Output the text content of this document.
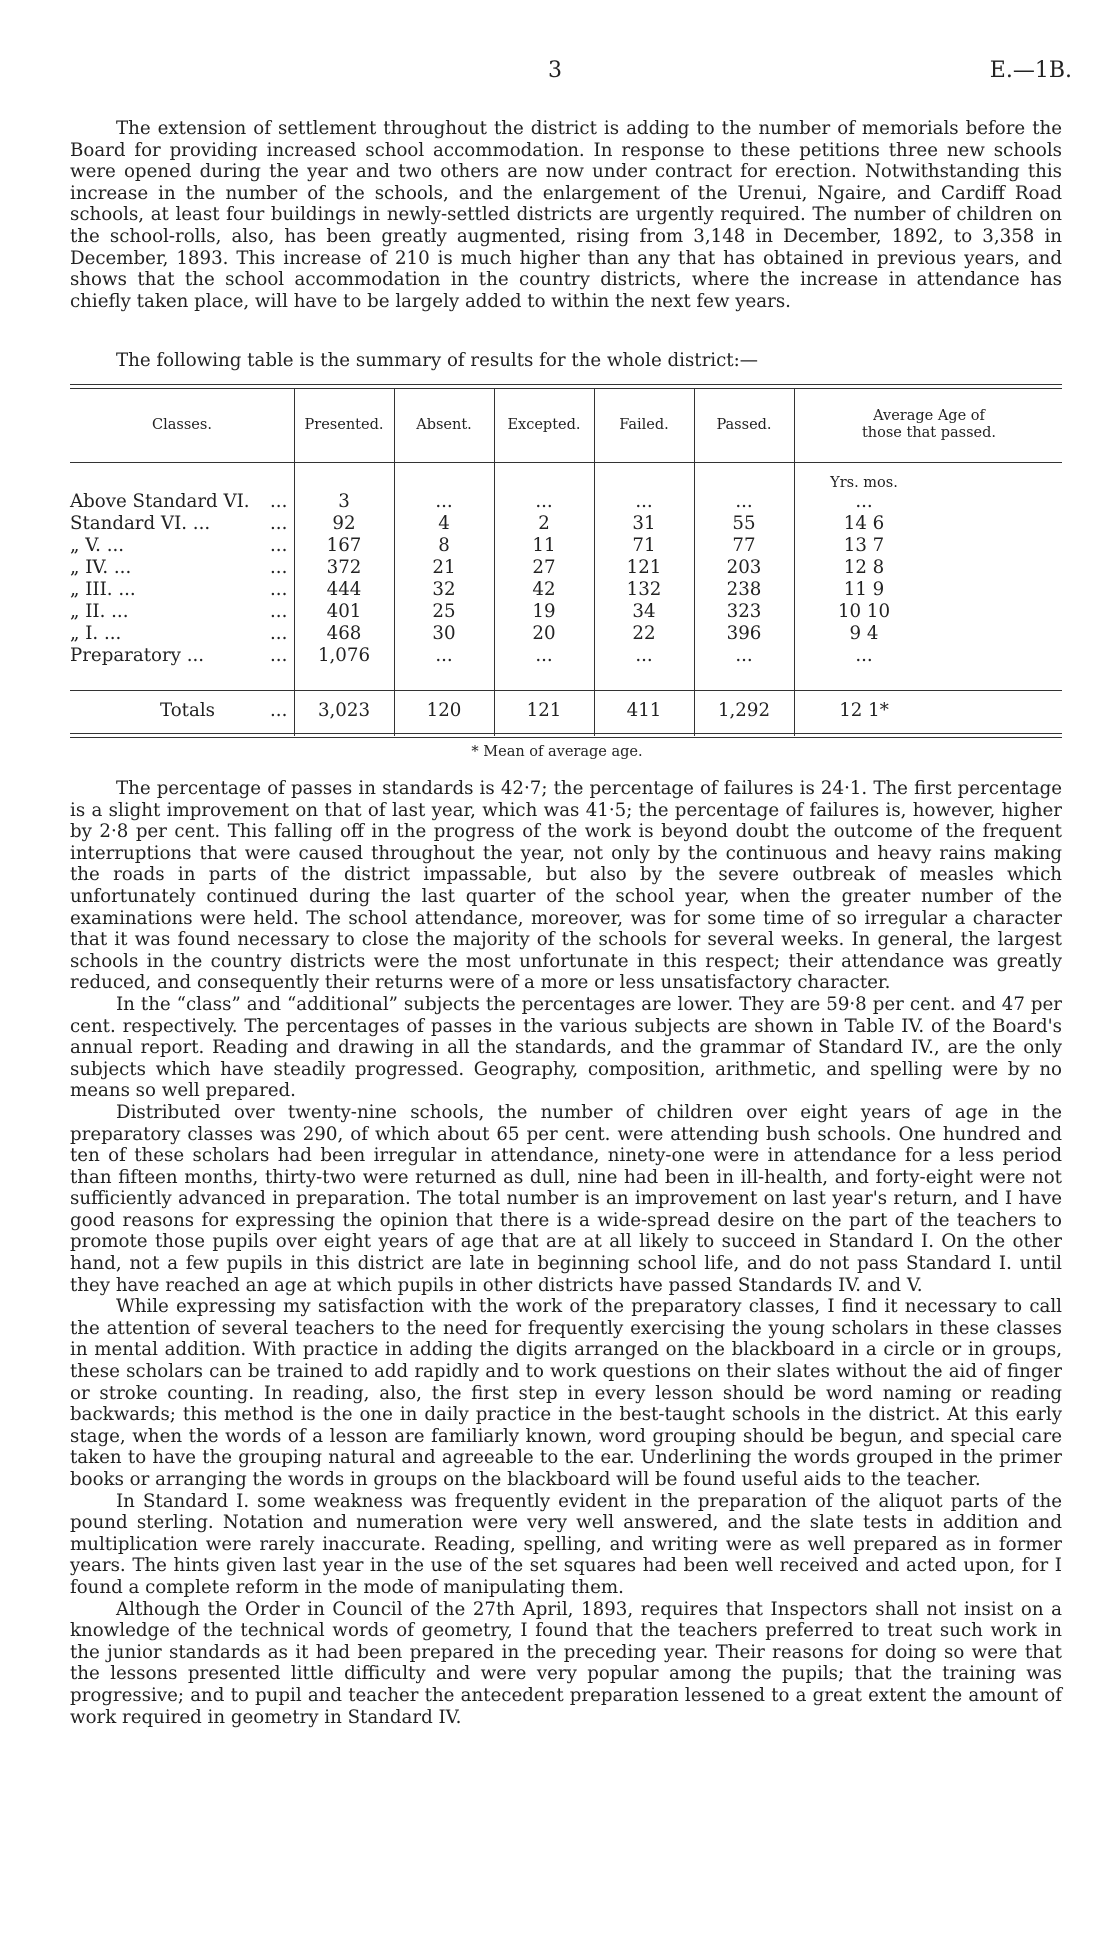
3	E.—1B.

The extension of settlement throughout the district is adding to the number of memorials before the Board for providing increased school accommodation. In response to these petitions three new schools were opened during the year and two others are now under contract for erection. Notwithstanding this increase in the number of the schools, and the enlargement of the Urenui, Ngaire, and Cardiff Road schools, at least four buildings in newly-settled districts are urgently required. The number of children on the school-rolls, also, has been greatly augmented, rising from 3,148 in December, 1892, to 3,358 in December, 1893. This increase of 210 is much higher than any that has obtained in previous years, and shows that the school accommodation in the country districts, where the increase in attendance has chiefly taken place, will have to be largely added to within the next few years.

The following table is the summary of results for the whole district:—
Classes.	Presented.	Absent.	Excepted.	Failed.	Passed.
Average Age of those that passed.
Yrs. mos.
Above Standard VI. ...	3	...	...	...	...	...
Standard VI. ...	...	92	4	2	31	55	14 6
„ V. ...	...	167	8	11	71	77	13 7
„ IV. ...	...	372	21	27	121	203	12 8
„ III. ...	...	444	32	42	132	238	11 9
„ II. ...	...	401	25	19	34	323	10 10
„ I. ...	...	468	30	20	22	396	9 4
Preparatory ...	...	1,076	...	...	...	...	...
Totals	...	3,023	120	121	411	1,292	12 1*
* Mean of average age.

The percentage of passes in standards is 42·7; the percentage of failures is 24·1. The first percentage is a slight improvement on that of last year, which was 41·5; the percentage of failures is, however, higher by 2·8 per cent. This falling off in the progress of the work is beyond doubt the outcome of the frequent interruptions that were caused throughout the year, not only by the continuous and heavy rains making the roads in parts of the district impassable, but also by the severe outbreak of measles which unfortunately continued during the last quarter of the school year, when the greater number of the examinations were held. The school attendance, moreover, was for some time of so irregular a character that it was found necessary to close the majority of the schools for several weeks. In general, the largest schools in the country districts were the most unfortunate in this respect; their attendance was greatly reduced, and consequently their returns were of a more or less unsatisfactory character.

In the “class” and “additional” subjects the percentages are lower. They are 59·8 per cent. and 47 per cent. respectively. The percentages of passes in the various subjects are shown in Table IV. of the Board's annual report. Reading and drawing in all the standards, and the grammar of Standard IV., are the only subjects which have steadily progressed. Geography, composition, arithmetic, and spelling were by no means so well prepared.

Distributed over twenty-nine schools, the number of children over eight years of age in the preparatory classes was 290, of which about 65 per cent. were attending bush schools. One hundred and ten of these scholars had been irregular in attendance, ninety-one were in attendance for a less period than fifteen months, thirty-two were returned as dull, nine had been in ill-health, and forty-eight were not sufficiently advanced in preparation. The total number is an improvement on last year's return, and I have good reasons for expressing the opinion that there is a wide-spread desire on the part of the teachers to promote those pupils over eight years of age that are at all likely to succeed in Standard I. On the other hand, not a few pupils in this district are late in beginning school life, and do not pass Standard I. until they have reached an age at which pupils in other districts have passed Standards IV. and V.

While expressing my satisfaction with the work of the preparatory classes, I find it necessary to call the attention of several teachers to the need for frequently exercising the young scholars in these classes in mental addition. With practice in adding the digits arranged on the blackboard in a circle or in groups, these scholars can be trained to add rapidly and to work questions on their slates without the aid of finger or stroke counting. In reading, also, the first step in every lesson should be word naming or reading backwards; this method is the one in daily practice in the best-taught schools in the district. At this early stage, when the words of a lesson are familiarly known, word grouping should be begun, and special care taken to have the grouping natural and agreeable to the ear. Underlining the words grouped in the primer books or arranging the words in groups on the blackboard will be found useful aids to the teacher.

In Standard I. some weakness was frequently evident in the preparation of the aliquot parts of the pound sterling. Notation and numeration were very well answered, and the slate tests in addition and multiplication were rarely inaccurate. Reading, spelling, and writing were as well prepared as in former years. The hints given last year in the use of the set squares had been well received and acted upon, for I found a complete reform in the mode of manipulating them.

Although the Order in Council of the 27th April, 1893, requires that Inspectors shall not insist on a knowledge of the technical words of geometry, I found that the teachers preferred to treat such work in the junior standards as it had been prepared in the preceding year. Their reasons for doing so were that the lessons presented little difficulty and were very popular among the pupils; that the training was progressive; and to pupil and teacher the antecedent preparation lessened to a great extent the amount of work required in geometry in Standard IV.
